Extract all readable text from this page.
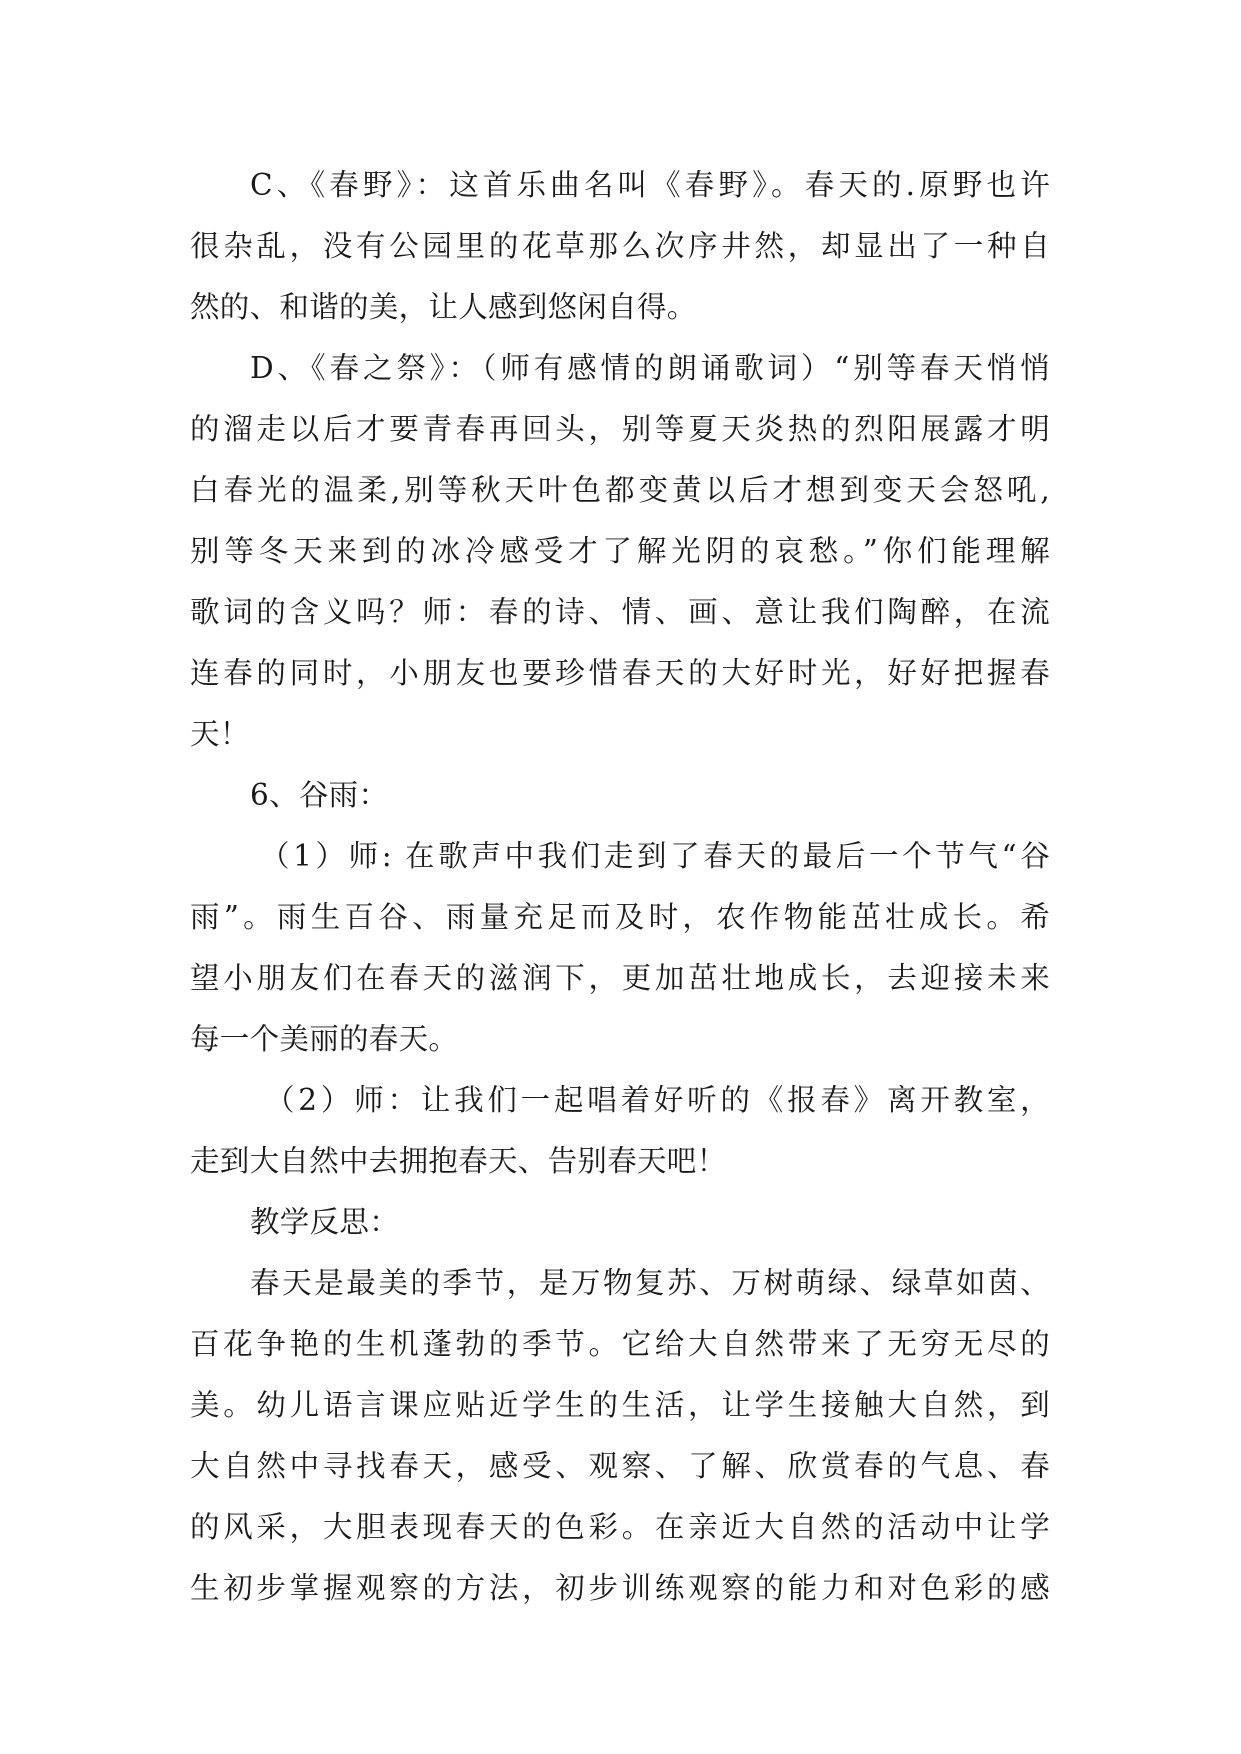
C、《春野》：这首乐曲名叫《春野》。春天的.原野也许
很杂乱，没有公园里的花草那么次序井然，却显出了一种自
然的、和谐的美，让人感到悠闲自得。
D、《春之祭》：（师有感情的朗诵歌词）“别等春天悄悄
的溜走以后才要青春再回头，别等夏天炎热的烈阳展露才明
白春光的温柔,别等秋天叶色都变黄以后才想到变天会怒吼,
别等冬天来到的冰冷感受才了解光阴的哀愁。”你们能理解
歌词的含义吗？师：春的诗、情、画、意让我们陶醉，在流
连春的同时，小朋友也要珍惜春天的大好时光，好好把握春
天！
6、谷雨：
（1）师: 在歌声中我们走到了春天的最后一个节气“谷
雨”。雨生百谷、雨量充足而及时，农作物能茁壮成长。希
望小朋友们在春天的滋润下，更加茁壮地成长，去迎接未来
每一个美丽的春天。
（2）师：让我们一起唱着好听的《报春》离开教室，
走到大自然中去拥抱春天、告别春天吧！
教学反思：
春天是最美的季节，是万物复苏、万树萌绿、绿草如茵、
百花争艳的生机蓬勃的季节。它给大自然带来了无穷无尽的
美。幼儿语言课应贴近学生的生活，让学生接触大自然，到
大自然中寻找春天，感受、观察、了解、欣赏春的气息、春
的风采，大胆表现春天的色彩。在亲近大自然的活动中让学
生初步掌握观察的方法，初步训练观察的能力和对色彩的感
